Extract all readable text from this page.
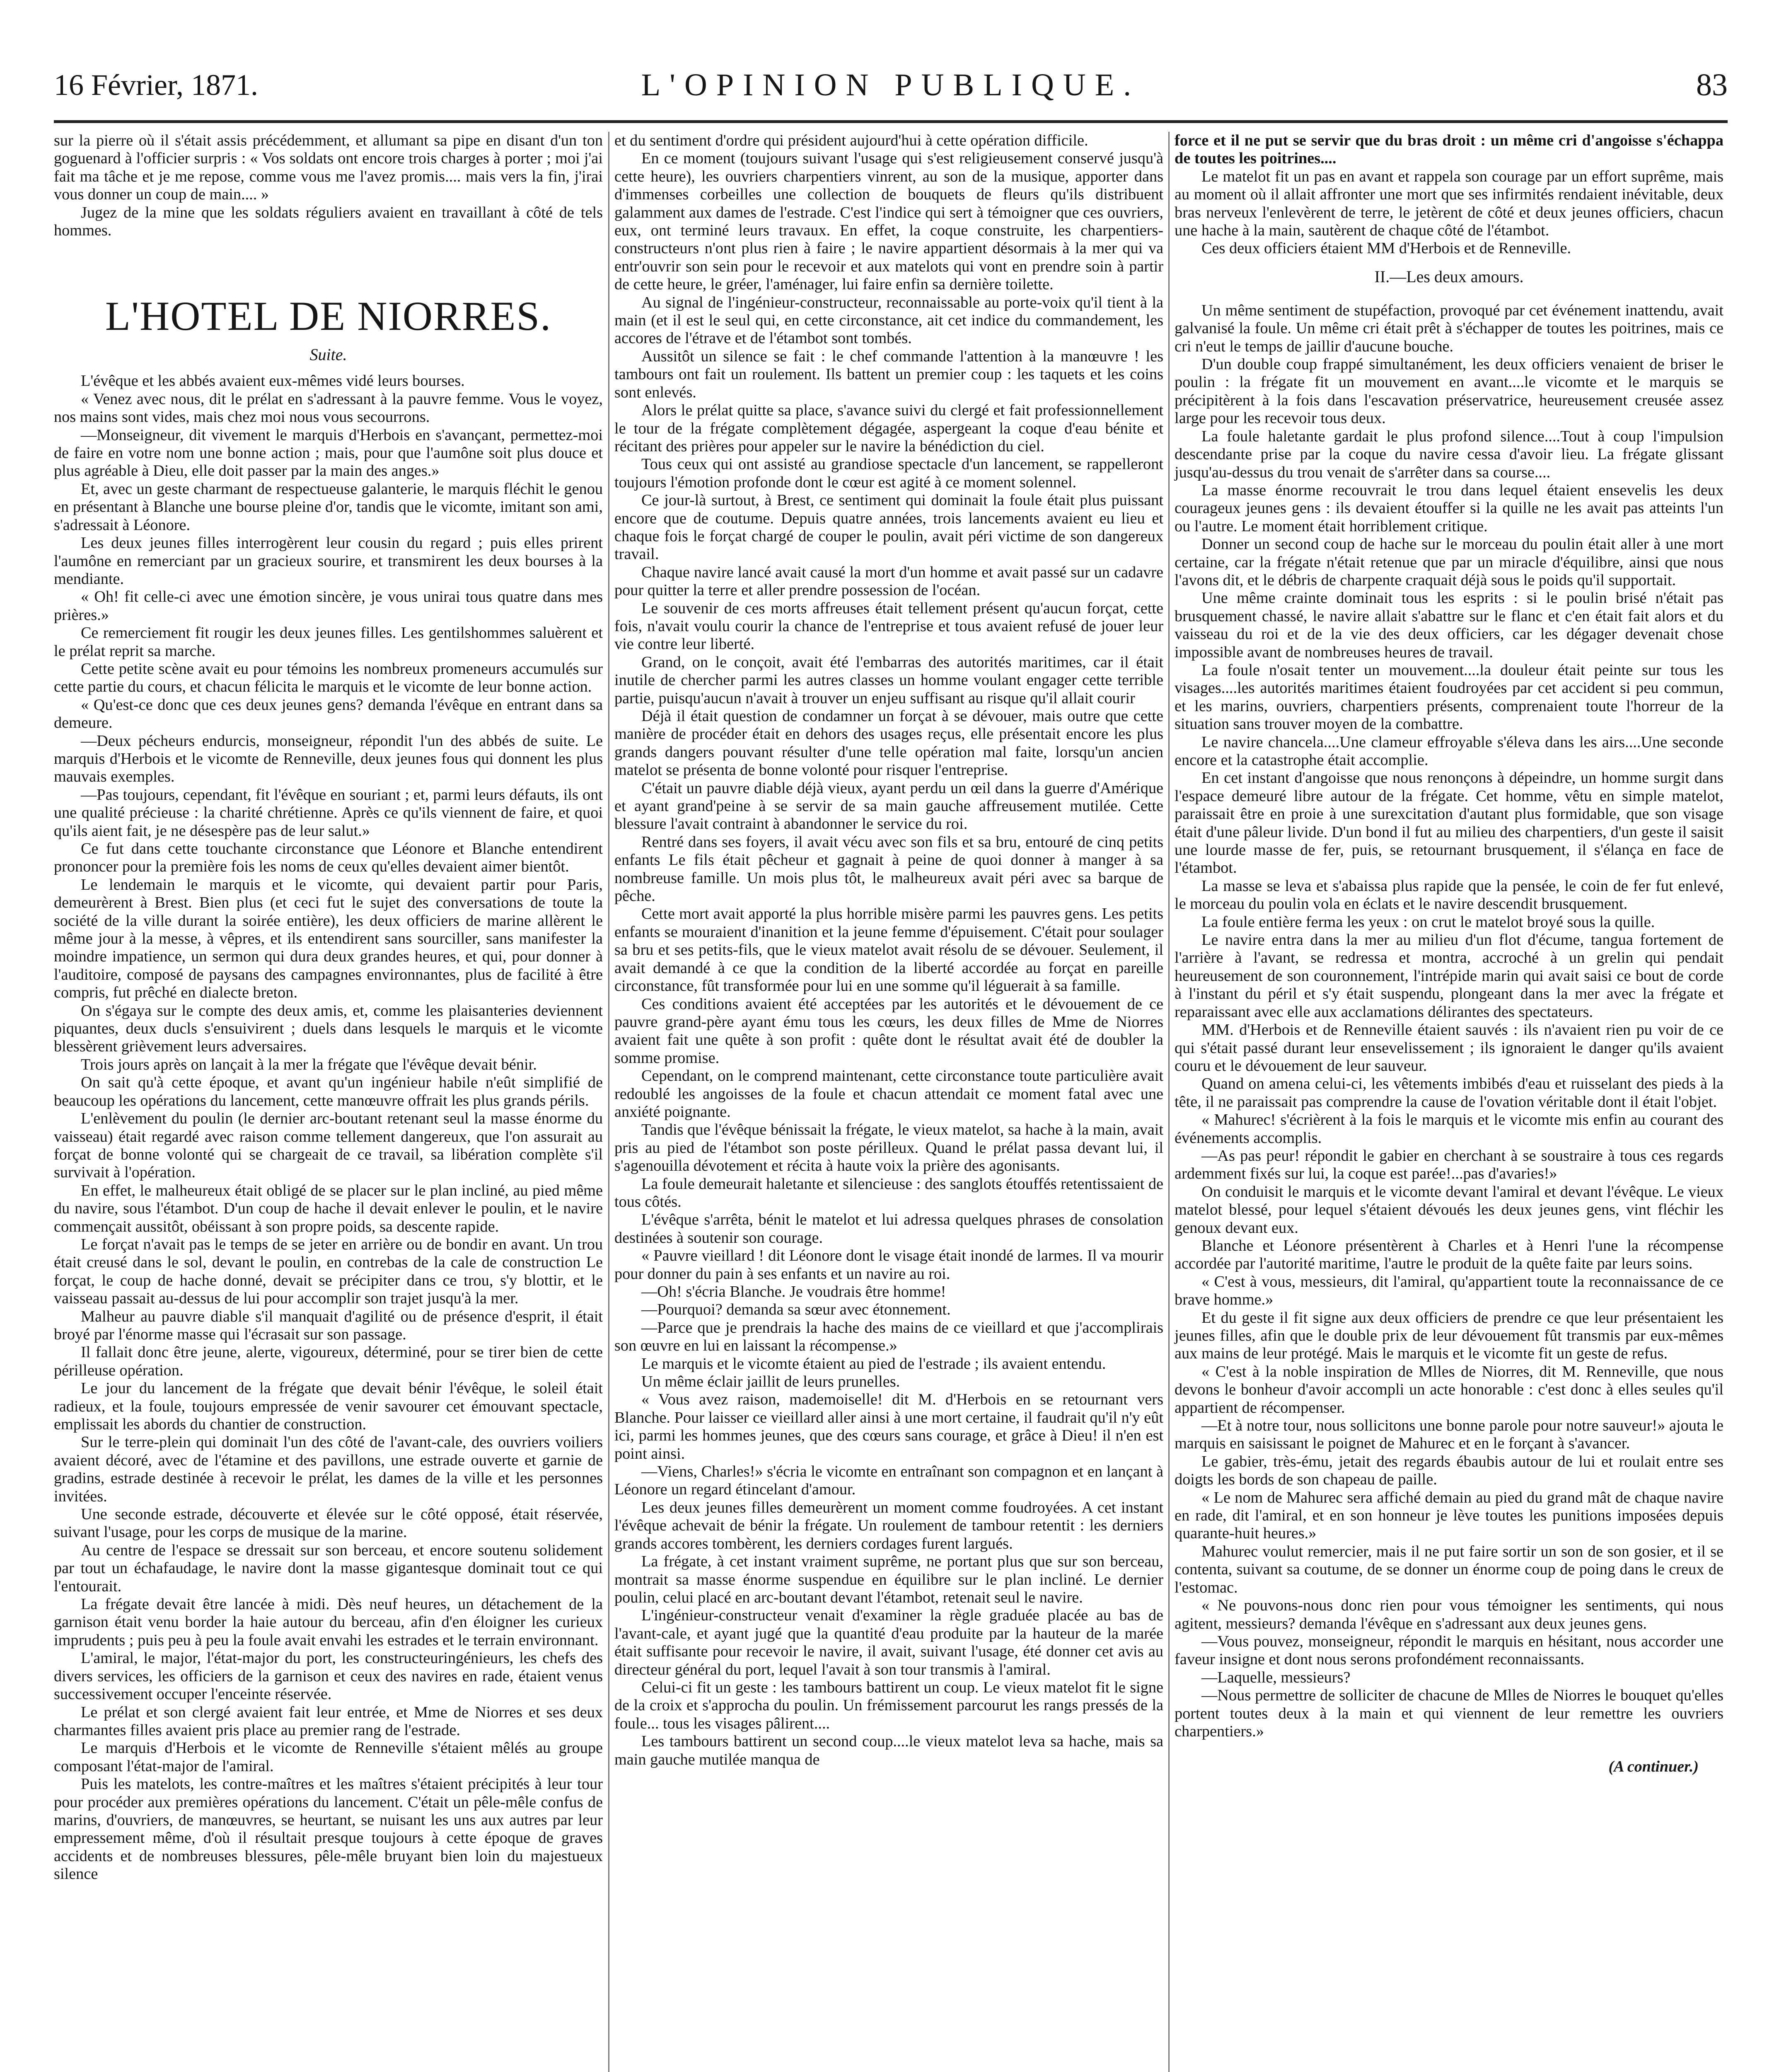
16 Février, 1871.	L'OPINION PUBLIQUE.	83

sur la pierre où il s'était assis précédemment, et allumant sa pipe en disant d'un ton goguenard à l'officier surpris : « Vos soldats ont encore trois charges à porter ; moi j'ai fait ma tâche et je me repose, comme vous me l'avez promis.... mais vers la fin, j'irai vous donner un coup de main.... »

Jugez de la mine que les soldats réguliers avaient en travaillant à côté de tels hommes.

L'HOTEL DE NIORRES.

Suite.

L'évêque et les abbés avaient eux-mêmes vidé leurs bourses.

« Venez avec nous, dit le prélat en s'adressant à la pauvre femme. Vous le voyez, nos mains sont vides, mais chez moi nous vous secourrons.

—Monseigneur, dit vivement le marquis d'Herbois en s'avançant, permettez-moi de faire en votre nom une bonne action ; mais, pour que l'aumône soit plus douce et plus agréable à Dieu, elle doit passer par la main des anges.»

Et, avec un geste charmant de respectueuse galanterie, le marquis fléchit le genou en présentant à Blanche une bourse pleine d'or, tandis que le vicomte, imitant son ami, s'adressait à Léonore.

Les deux jeunes filles interrogèrent leur cousin du regard ; puis elles prirent l'aumône en remerciant par un gracieux sourire, et transmirent les deux bourses à la mendiante.

« Oh! fit celle-ci avec une émotion sincère, je vous unirai tous quatre dans mes prières.»

Ce remerciement fit rougir les deux jeunes filles. Les gentilshommes saluèrent et le prélat reprit sa marche.

Cette petite scène avait eu pour témoins les nombreux promeneurs accumulés sur cette partie du cours, et chacun félicita le marquis et le vicomte de leur bonne action.

« Qu'est-ce donc que ces deux jeunes gens? demanda l'évêque en entrant dans sa demeure.

—Deux pécheurs endurcis, monseigneur, répondit l'un des abbés de suite. Le marquis d'Herbois et le vicomte de Renneville, deux jeunes fous qui donnent les plus mauvais exemples.

—Pas toujours, cependant, fit l'évêque en souriant ; et, parmi leurs défauts, ils ont une qualité précieuse : la charité chrétienne. Après ce qu'ils viennent de faire, et quoi qu'ils aient fait, je ne désespère pas de leur salut.»

Ce fut dans cette touchante circonstance que Léonore et Blanche entendirent prononcer pour la première fois les noms de ceux qu'elles devaient aimer bientôt.

Le lendemain le marquis et le vicomte, qui devaient partir pour Paris, demeurèrent à Brest. Bien plus (et ceci fut le sujet des conversations de toute la société de la ville durant la soirée entière), les deux officiers de marine allèrent le même jour à la messe, à vêpres, et ils entendirent sans sourciller, sans manifester la moindre impatience, un sermon qui dura deux grandes heures, et qui, pour donner à l'auditoire, composé de paysans des campagnes environnantes, plus de facilité à être compris, fut prêché en dialecte breton.

On s'égaya sur le compte des deux amis, et, comme les plaisanteries deviennent piquantes, deux ducls s'ensuivirent ; duels dans lesquels le marquis et le vicomte blessèrent grièvement leurs adversaires.

Trois jours après on lançait à la mer la frégate que l'évêque devait bénir.

On sait qu'à cette époque, et avant qu'un ingénieur habile n'eût simplifié de beaucoup les opérations du lancement, cette manœuvre offrait les plus grands périls.

L'enlèvement du poulin (le dernier arc-boutant retenant seul la masse énorme du vaisseau) était regardé avec raison comme tellement dangereux, que l'on assurait au forçat de bonne volonté qui se chargeait de ce travail, sa libération complète s'il survivait à l'opération.

En effet, le malheureux était obligé de se placer sur le plan incliné, au pied même du navire, sous l'étambot. D'un coup de hache il devait enlever le poulin, et le navire commençait aussitôt, obéissant à son propre poids, sa descente rapide.

Le forçat n'avait pas le temps de se jeter en arrière ou de bondir en avant. Un trou était creusé dans le sol, devant le poulin, en contrebas de la cale de construction Le forçat, le coup de hache donné, devait se précipiter dans ce trou, s'y blottir, et le vaisseau passait au-dessus de lui pour accomplir son trajet jusqu'à la mer.

Malheur au pauvre diable s'il manquait d'agilité ou de présence d'esprit, il était broyé par l'énorme masse qui l'écrasait sur son passage.

Il fallait donc être jeune, alerte, vigoureux, déterminé, pour se tirer bien de cette périlleuse opération.

Le jour du lancement de la frégate que devait bénir l'évêque, le soleil était radieux, et la foule, toujours empressée de venir savourer cet émouvant spectacle, emplissait les abords du chantier de construction.

Sur le terre-plein qui dominait l'un des côté de l'avant-cale, des ouvriers voiliers avaient décoré, avec de l'étamine et des pavillons, une estrade ouverte et garnie de gradins, estrade destinée à recevoir le prélat, les dames de la ville et les personnes invitées.

Une seconde estrade, découverte et élevée sur le côté opposé, était réservée, suivant l'usage, pour les corps de musique de la marine.

Au centre de l'espace se dressait sur son berceau, et encore soutenu solidement par tout un échafaudage, le navire dont la masse gigantesque dominait tout ce qui l'entourait.

La frégate devait être lancée à midi. Dès neuf heures, un détachement de la garnison était venu border la haie autour du berceau, afin d'en éloigner les curieux imprudents ; puis peu à peu la foule avait envahi les estrades et le terrain environnant.

L'amiral, le major, l'état-major du port, les constructeuringénieurs, les chefs des divers services, les officiers de la garnison et ceux des navires en rade, étaient venus successivement occuper l'enceinte réservée.

Le prélat et son clergé avaient fait leur entrée, et Mme de Niorres et ses deux charmantes filles avaient pris place au premier rang de l'estrade.

Le marquis d'Herbois et le vicomte de Renneville s'étaient mêlés au groupe composant l'état-major de l'amiral.

Puis les matelots, les contre-maîtres et les maîtres s'étaient précipités à leur tour pour procéder aux premières opérations du lancement. C'était un pêle-mêle confus de marins, d'ouvriers, de manœuvres, se heurtant, se nuisant les uns aux autres par leur empressement même, d'où il résultait presque toujours à cette époque de graves accidents et de nombreuses blessures, pêle-mêle bruyant bien loin du majestueux silence

et du sentiment d'ordre qui président aujourd'hui à cette opération difficile.

En ce moment (toujours suivant l'usage qui s'est religieusement conservé jusqu'à cette heure), les ouvriers charpentiers vinrent, au son de la musique, apporter dans d'immenses corbeilles une collection de bouquets de fleurs qu'ils distribuent galamment aux dames de l'estrade. C'est l'indice qui sert à témoigner que ces ouvriers, eux, ont terminé leurs travaux. En effet, la coque construite, les charpentiers-constructeurs n'ont plus rien à faire ; le navire appartient désormais à la mer qui va entr'ouvrir son sein pour le recevoir et aux matelots qui vont en prendre soin à partir de cette heure, le gréer, l'aménager, lui faire enfin sa dernière toilette.

Au signal de l'ingénieur-constructeur, reconnaissable au porte-voix qu'il tient à la main (et il est le seul qui, en cette circonstance, ait cet indice du commandement, les accores de l'étrave et de l'étambot sont tombés.

Aussitôt un silence se fait : le chef commande l'attention à la manœuvre ! les tambours ont fait un roulement. Ils battent un premier coup : les taquets et les coins sont enlevés.

Alors le prélat quitte sa place, s'avance suivi du clergé et fait professionnellement le tour de la frégate complètement dégagée, aspergeant la coque d'eau bénite et récitant des prières pour appeler sur le navire la bénédiction du ciel.

Tous ceux qui ont assisté au grandiose spectacle d'un lancement, se rappelleront toujours l'émotion profonde dont le cœur est agité à ce moment solennel.

Ce jour-là surtout, à Brest, ce sentiment qui dominait la foule était plus puissant encore que de coutume. Depuis quatre années, trois lancements avaient eu lieu et chaque fois le forçat chargé de couper le poulin, avait péri victime de son dangereux travail.

Chaque navire lancé avait causé la mort d'un homme et avait passé sur un cadavre pour quitter la terre et aller prendre possession de l'océan.

Le souvenir de ces morts affreuses était tellement présent qu'aucun forçat, cette fois, n'avait voulu courir la chance de l'entreprise et tous avaient refusé de jouer leur vie contre leur liberté.

Grand, on le conçoit, avait été l'embarras des autorités maritimes, car il était inutile de chercher parmi les autres classes un homme voulant engager cette terrible partie, puisqu'aucun n'avait à trouver un enjeu suffisant au risque qu'il allait courir

Déjà il était question de condamner un forçat à se dévouer, mais outre que cette manière de procéder était en dehors des usages reçus, elle présentait encore les plus grands dangers pouvant résulter d'une telle opération mal faite, lorsqu'un ancien matelot se présenta de bonne volonté pour risquer l'entreprise.

C'était un pauvre diable déjà vieux, ayant perdu un œil dans la guerre d'Amérique et ayant grand'peine à se servir de sa main gauche affreusement mutilée. Cette blessure l'avait contraint à abandonner le service du roi.

Rentré dans ses foyers, il avait vécu avec son fils et sa bru, entouré de cinq petits enfants Le fils était pêcheur et gagnait à peine de quoi donner à manger à sa nombreuse famille. Un mois plus tôt, le malheureux avait péri avec sa barque de pêche.

Cette mort avait apporté la plus horrible misère parmi les pauvres gens. Les petits enfants se mouraient d'inanition et la jeune femme d'épuisement. C'était pour soulager sa bru et ses petits-fils, que le vieux matelot avait résolu de se dévouer. Seulement, il avait demandé à ce que la condition de la liberté accordée au forçat en pareille circonstance, fût transformée pour lui en une somme qu'il léguerait à sa famille.

Ces conditions avaient été acceptées par les autorités et le dévouement de ce pauvre grand-père ayant ému tous les cœurs, les deux filles de Mme de Niorres avaient fait une quête à son profit : quête dont le résultat avait été de doubler la somme promise.

Cependant, on le comprend maintenant, cette circonstance toute particulière avait redoublé les angoisses de la foule et chacun attendait ce moment fatal avec une anxiété poignante.

Tandis que l'évêque bénissait la frégate, le vieux matelot, sa hache à la main, avait pris au pied de l'étambot son poste périlleux. Quand le prélat passa devant lui, il s'agenouilla dévotement et récita à haute voix la prière des agonisants.

La foule demeurait haletante et silencieuse : des sanglots étouffés retentissaient de tous côtés.

L'évêque s'arrêta, bénit le matelot et lui adressa quelques phrases de consolation destinées à soutenir son courage.

« Pauvre vieillard ! dit Léonore dont le visage était inondé de larmes. Il va mourir pour donner du pain à ses enfants et un navire au roi.

—Oh! s'écria Blanche. Je voudrais être homme!

—Pourquoi? demanda sa sœur avec étonnement.

—Parce que je prendrais la hache des mains de ce vieillard et que j'accomplirais son œuvre en lui en laissant la récompense.»

Le marquis et le vicomte étaient au pied de l'estrade ; ils avaient entendu.

Un même éclair jaillit de leurs prunelles.

« Vous avez raison, mademoiselle! dit M. d'Herbois en se retournant vers Blanche. Pour laisser ce vieillard aller ainsi à une mort certaine, il faudrait qu'il n'y eût ici, parmi les hommes jeunes, que des cœurs sans courage, et grâce à Dieu! il n'en est point ainsi.

—Viens, Charles!» s'écria le vicomte en entraînant son compagnon et en lançant à Léonore un regard étincelant d'amour.

Les deux jeunes filles demeurèrent un moment comme foudroyées. A cet instant l'évêque achevait de bénir la frégate. Un roulement de tambour retentit : les derniers grands accores tombèrent, les derniers cordages furent largués.

La frégate, à cet instant vraiment suprême, ne portant plus que sur son berceau, montrait sa masse énorme suspendue en équilibre sur le plan incliné. Le dernier poulin, celui placé en arc-boutant devant l'étambot, retenait seul le navire.

L'ingénieur-constructeur venait d'examiner la règle graduée placée au bas de l'avant-cale, et ayant jugé que la quantité d'eau produite par la hauteur de la marée était suffisante pour recevoir le navire, il avait, suivant l'usage, été donner cet avis au directeur général du port, lequel l'avait à son tour transmis à l'amiral.

Celui-ci fit un geste : les tambours battirent un coup. Le vieux matelot fit le signe de la croix et s'approcha du poulin. Un frémissement parcourut les rangs pressés de la foule... tous les visages pâlirent....

Les tambours battirent un second coup....le vieux matelot leva sa hache, mais sa main gauche mutilée manqua de

force et il ne put se servir que du bras droit : un même cri d'angoisse s'échappa de toutes les poitrines....

Le matelot fit un pas en avant et rappela son courage par un effort suprême, mais au moment où il allait affronter une mort que ses infirmités rendaient inévitable, deux bras nerveux l'enlevèrent de terre, le jetèrent de côté et deux jeunes officiers, chacun une hache à la main, sautèrent de chaque côté de l'étambot.

Ces deux officiers étaient MM d'Herbois et de Renneville.

II.—Les deux amours.

Un même sentiment de stupéfaction, provoqué par cet événement inattendu, avait galvanisé la foule. Un même cri était prêt à s'échapper de toutes les poitrines, mais ce cri n'eut le temps de jaillir d'aucune bouche.

D'un double coup frappé simultanément, les deux officiers venaient de briser le poulin : la frégate fit un mouvement en avant....le vicomte et le marquis se précipitèrent à la fois dans l'escavation préservatrice, heureusement creusée assez large pour les recevoir tous deux.

La foule haletante gardait le plus profond silence....Tout à coup l'impulsion descendante prise par la coque du navire cessa d'avoir lieu. La frégate glissant jusqu'au-dessus du trou venait de s'arrêter dans sa course....

La masse énorme recouvrait le trou dans lequel étaient ensevelis les deux courageux jeunes gens : ils devaient étouffer si la quille ne les avait pas atteints l'un ou l'autre. Le moment était horriblement critique.

Donner un second coup de hache sur le morceau du poulin était aller à une mort certaine, car la frégate n'était retenue que par un miracle d'équilibre, ainsi que nous l'avons dit, et le débris de charpente craquait déjà sous le poids qu'il supportait.

Une même crainte dominait tous les esprits : si le poulin brisé n'était pas brusquement chassé, le navire allait s'abattre sur le flanc et c'en était fait alors et du vaisseau du roi et de la vie des deux officiers, car les dégager devenait chose impossible avant de nombreuses heures de travail.

La foule n'osait tenter un mouvement....la douleur était peinte sur tous les visages....les autorités maritimes étaient foudroyées par cet accident si peu commun, et les marins, ouvriers, charpentiers présents, comprenaient toute l'horreur de la situation sans trouver moyen de la combattre.

Le navire chancela....Une clameur effroyable s'éleva dans les airs....Une seconde encore et la catastrophe était accomplie.

En cet instant d'angoisse que nous renonçons à dépeindre, un homme surgit dans l'espace demeuré libre autour de la frégate. Cet homme, vêtu en simple matelot, paraissait être en proie à une surexcitation d'autant plus formidable, que son visage était d'une pâleur livide. D'un bond il fut au milieu des charpentiers, d'un geste il saisit une lourde masse de fer, puis, se retournant brusquement, il s'élança en face de l'étambot.

La masse se leva et s'abaissa plus rapide que la pensée, le coin de fer fut enlevé, le morceau du poulin vola en éclats et le navire descendit brusquement.

La foule entière ferma les yeux : on crut le matelot broyé sous la quille.

Le navire entra dans la mer au milieu d'un flot d'écume, tangua fortement de l'arrière à l'avant, se redressa et montra, accroché à un grelin qui pendait heureusement de son couronnement, l'intrépide marin qui avait saisi ce bout de corde à l'instant du péril et s'y était suspendu, plongeant dans la mer avec la frégate et reparaissant avec elle aux acclamations délirantes des spectateurs.

MM. d'Herbois et de Renneville étaient sauvés : ils n'avaient rien pu voir de ce qui s'était passé durant leur ensevelissement ; ils ignoraient le danger qu'ils avaient couru et le dévouement de leur sauveur.

Quand on amena celui-ci, les vêtements imbibés d'eau et ruisselant des pieds à la tête, il ne paraissait pas comprendre la cause de l'ovation véritable dont il était l'objet.

« Mahurec! s'écrièrent à la fois le marquis et le vicomte mis enfin au courant des événements accomplis.

—As pas peur! répondit le gabier en cherchant à se soustraire à tous ces regards ardemment fixés sur lui, la coque est parée!...pas d'avaries!»

On conduisit le marquis et le vicomte devant l'amiral et devant l'évêque. Le vieux matelot blessé, pour lequel s'étaient dévoués les deux jeunes gens, vint fléchir les genoux devant eux.

Blanche et Léonore présentèrent à Charles et à Henri l'une la récompense accordée par l'autorité maritime, l'autre le produit de la quête faite par leurs soins.

« C'est à vous, messieurs, dit l'amiral, qu'appartient toute la reconnaissance de ce brave homme.»

Et du geste il fit signe aux deux officiers de prendre ce que leur présentaient les jeunes filles, afin que le double prix de leur dévouement fût transmis par eux-mêmes aux mains de leur protégé. Mais le marquis et le vicomte fit un geste de refus.

« C'est à la noble inspiration de Mlles de Niorres, dit M. Renneville, que nous devons le bonheur d'avoir accompli un acte honorable : c'est donc à elles seules qu'il appartient de récompenser.

—Et à notre tour, nous sollicitons une bonne parole pour notre sauveur!» ajouta le marquis en saisissant le poignet de Mahurec et en le forçant à s'avancer.

Le gabier, très-ému, jetait des regards ébaubis autour de lui et roulait entre ses doigts les bords de son chapeau de paille.

« Le nom de Mahurec sera affiché demain au pied du grand mât de chaque navire en rade, dit l'amiral, et en son honneur je lève toutes les punitions imposées depuis quarante-huit heures.»

Mahurec voulut remercier, mais il ne put faire sortir un son de son gosier, et il se contenta, suivant sa coutume, de se donner un énorme coup de poing dans le creux de l'estomac.

« Ne pouvons-nous donc rien pour vous témoigner les sentiments, qui nous agitent, messieurs? demanda l'évêque en s'adressant aux deux jeunes gens.

—Vous pouvez, monseigneur, répondit le marquis en hésitant, nous accorder une faveur insigne et dont nous serons profondément reconnaissants.

—Laquelle, messieurs?

—Nous permettre de solliciter de chacune de Mlles de Niorres le bouquet qu'elles portent toutes deux à la main et qui viennent de leur remettre les ouvriers charpentiers.»

(A continuer.)
